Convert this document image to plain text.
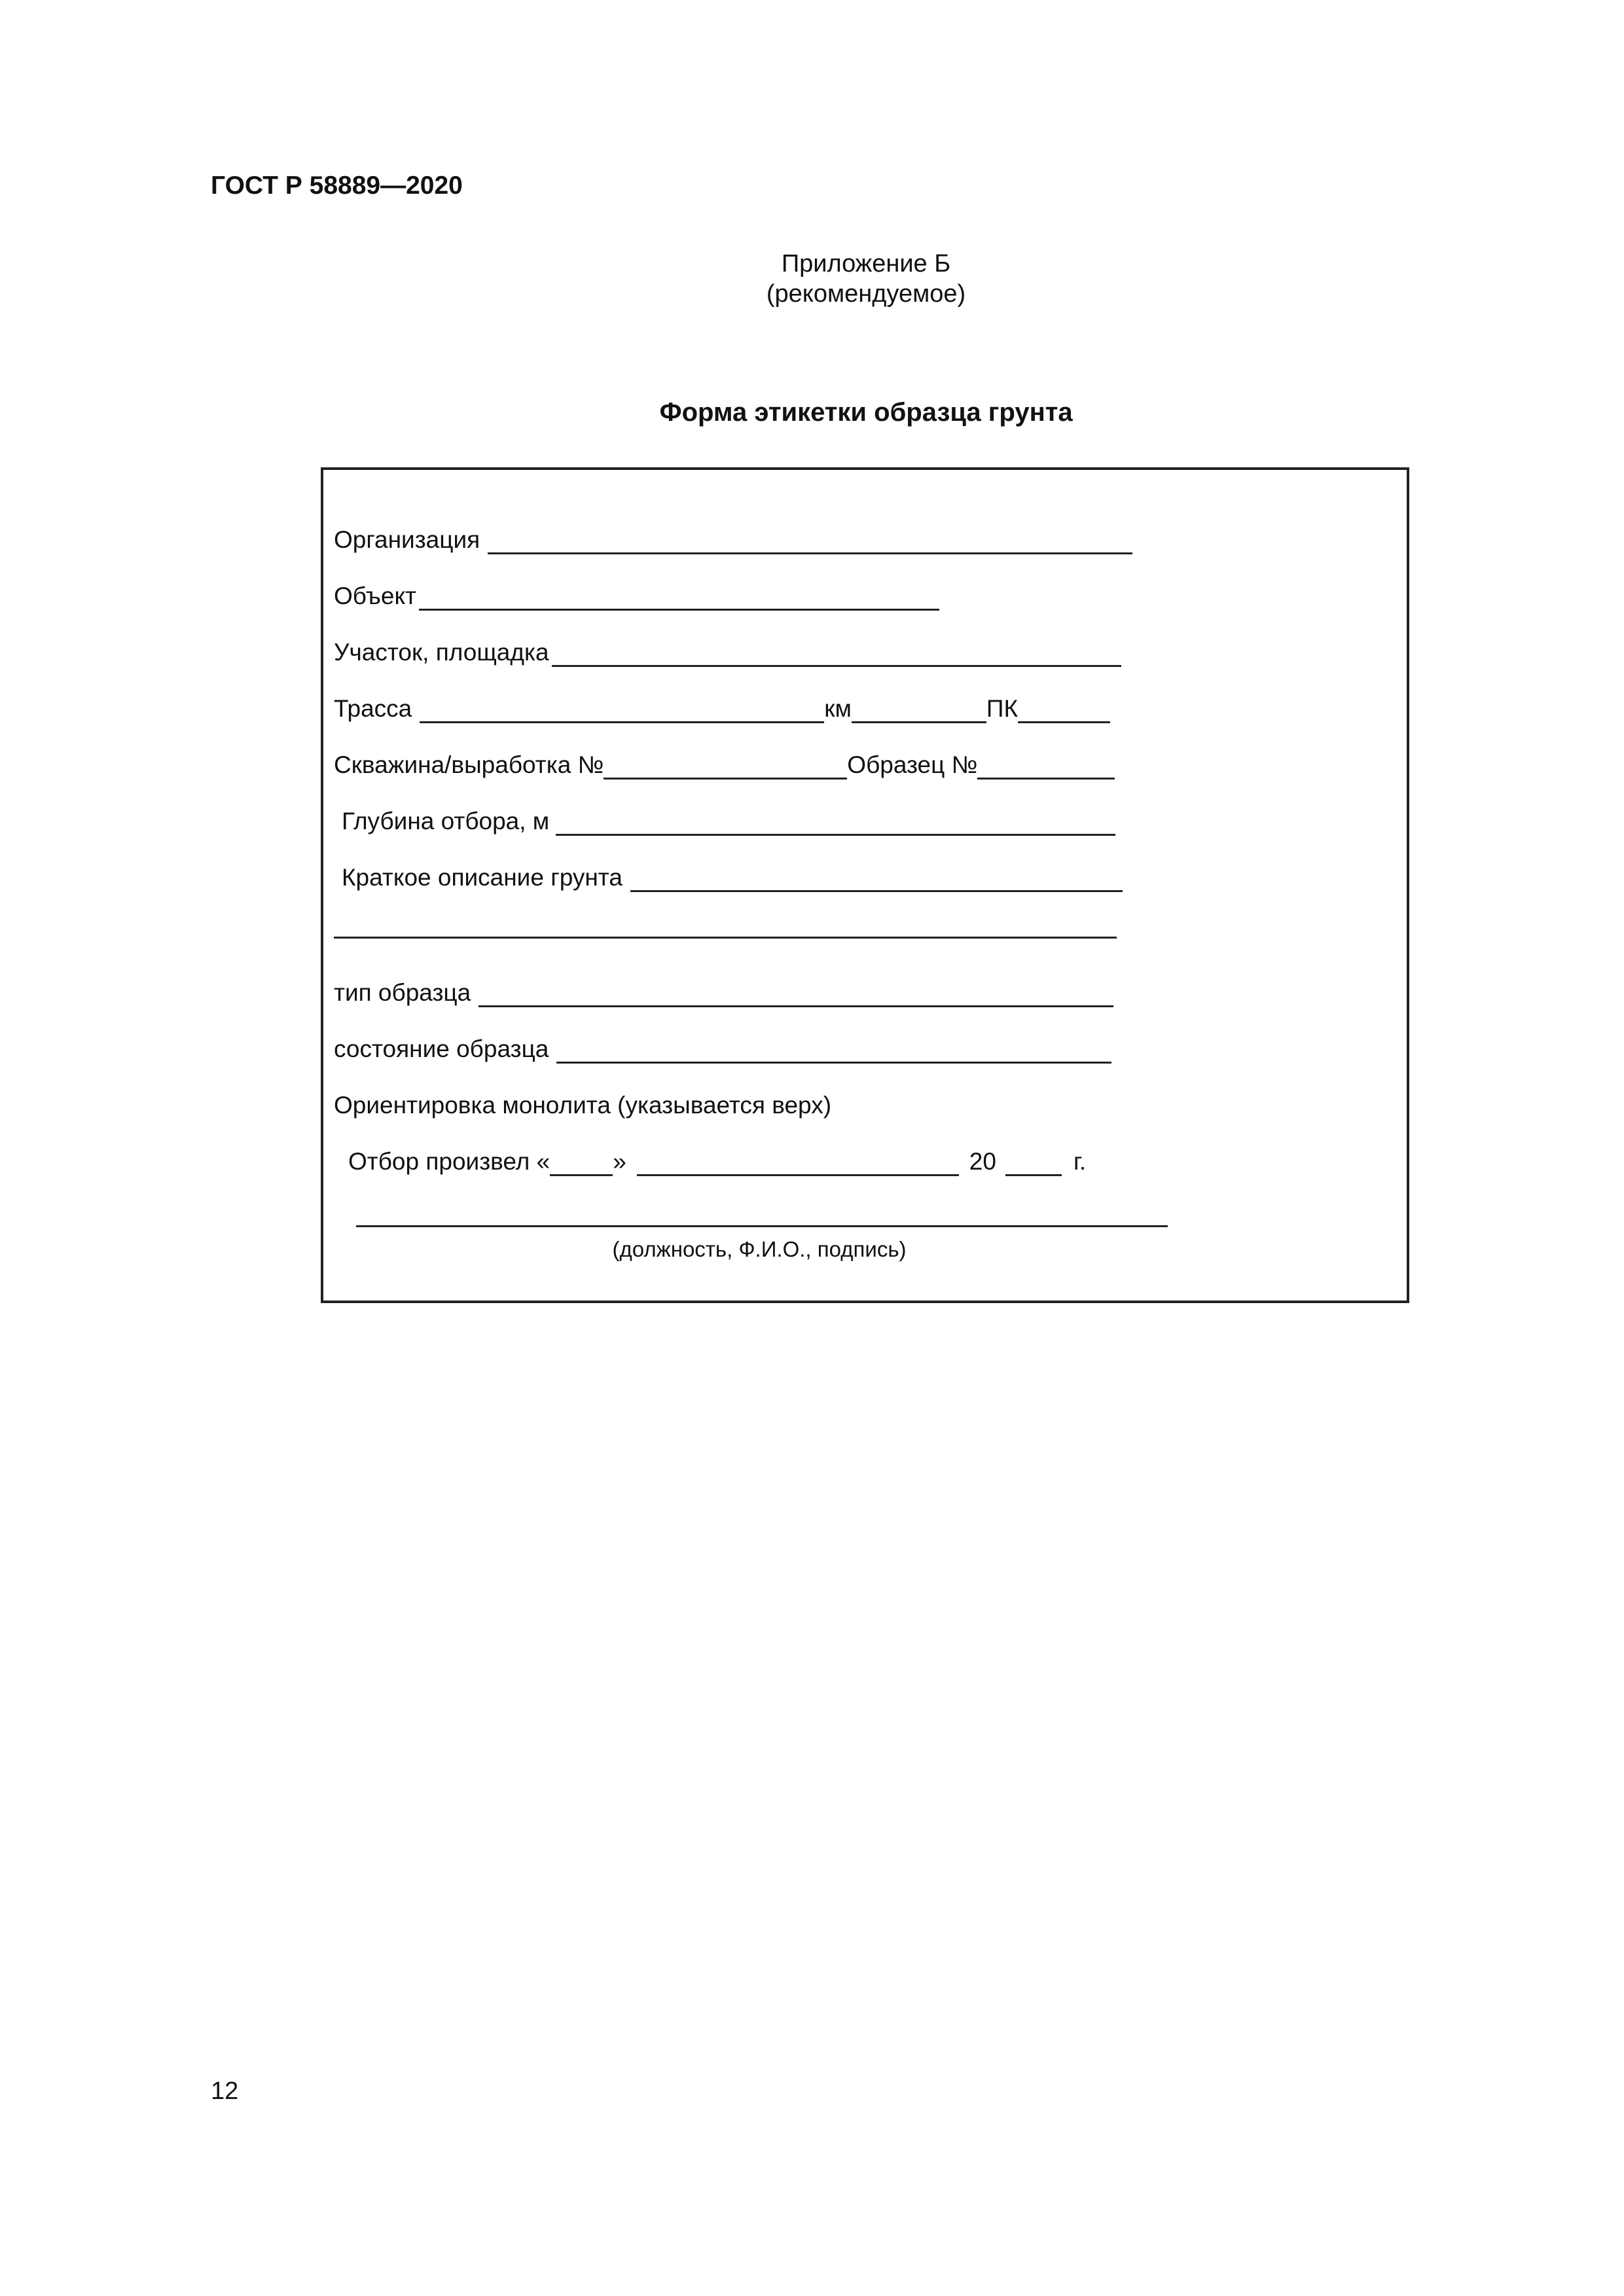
ГОСТ Р 58889—2020
Приложение Б
(рекомендуемое)
Форма этикетки образца грунта
Организация
Объект
Участок, площадка
Трасса	км	ПК
Скважина/выработка №	Образец №
Глубина отбора, м
Краткое описание грунта
тип образца
состояние образца
Ориентировка монолита (указывается верх)
Отбор произвел «	»	20	г.
(должность, Ф.И.О., подпись)
12
